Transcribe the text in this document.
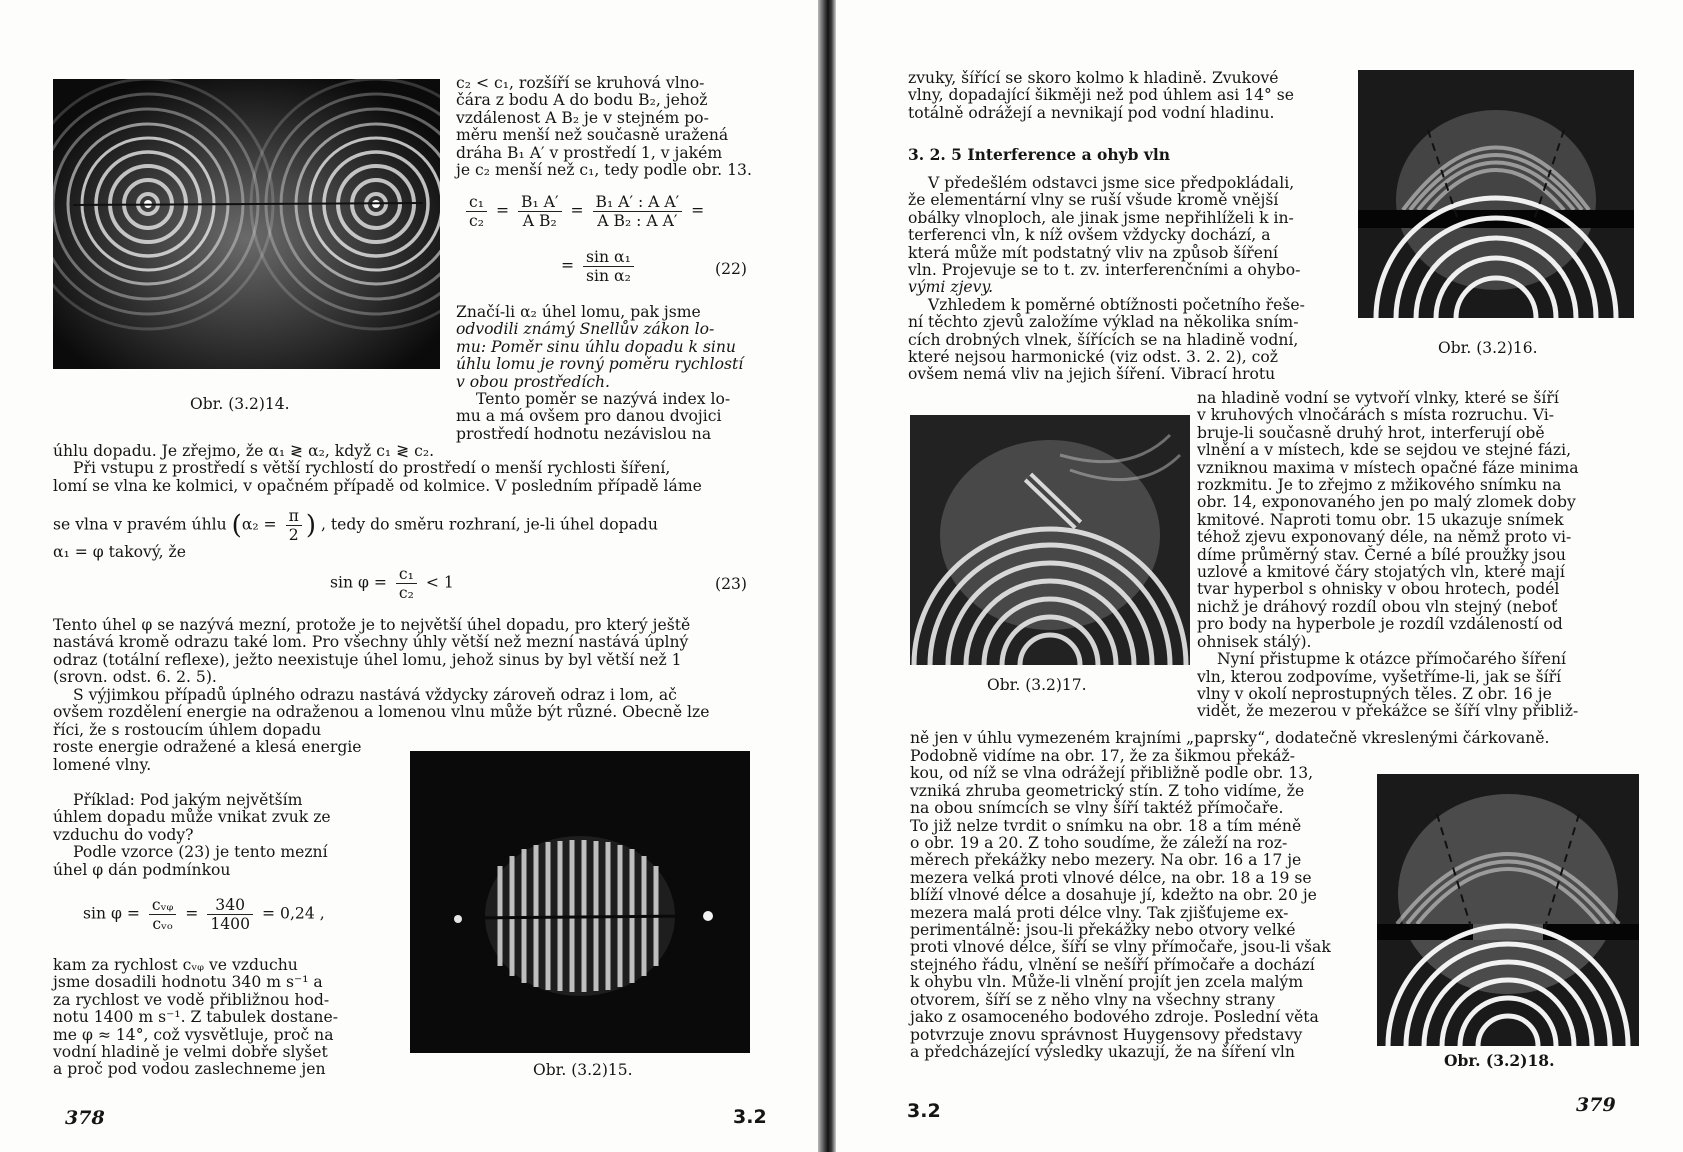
Obr. (3.2)14.
c₂ < c₁, rozšíří se kruhová vlno-
čára z bodu A do bodu B₂, jehož
vzdálenost A B₂ je v stejném po-
měru menší než současně uražená
dráha B₁ A′ v prostředí 1, v jakém
je c₂ menší než c₁, tedy podle obr. 13.
$\frac{\text{c₁}}{\text{c₂}} = \frac{\text{B₁ A′}}{\text{A B₂}} = \frac{\text{B₁ A′ : A A′}}{\text{A B₂ : A A′}}$ =
= $\frac{\text{sin α₁}}{\text{sin α₂}}$	(22)
Značí-li α₂ úhel lomu, pak jsme
odvodili známý Snellův zákon lo-
mu: Poměr sinu úhlu dopadu k sinu
úhlu lomu je rovný poměru rychlostí
v obou prostředích.
Tento poměr se nazývá index lo-
mu a má ovšem pro danou dvojici
prostředí hodnotu nezávislou na
úhlu dopadu. Je zřejmo, že α₁ ≷ α₂, když c₁ ≷ c₂.
Při vstupu z prostředí s větší rychlostí do prostředí o menší rychlosti šíření,
lomí se vlna ke kolmici, v opačném případě od kolmice. V posledním případě láme
se vlna v pravém úhlu ($\alpha_2 = \frac{\pi}{2}$ ) , tedy do směru rozhraní, je-li úhel dopadu
α₁ = φ takový, že
$\sin \varphi = \frac{\text{c₁}}{\text{c₂}} < 1$	(23)
Tento úhel φ se nazývá mezní, protože je to největší úhel dopadu, pro který ještě
nastává kromě odrazu také lom. Pro všechny úhly větší než mezní nastává úplný
odraz (totální reflexe), ježto neexistuje úhel lomu, jehož sinus by byl větší než 1
(srovn. odst. 6. 2. 5).
S výjimkou případů úplného odrazu nastává vždycky zároveň odraz i lom, ač
ovšem rozdělení energie na odraženou a lomenou vlnu může být různé. Obecně lze
říci, že s rostoucím úhlem dopadu
roste energie odražené a klesá energie
lomené vlny.
Příklad: Pod jakým největším
úhlem dopadu může vnikat zvuk ze
vzduchu do vody?
Podle vzorce (23) je tento mezní
úhel φ dán podmínkou
$\sin \varphi = \frac{\text{cᵥᵩ}}{\text{cᵥₒ}} = \frac{340}{1400} = 0,24$ ,
kam za rychlost cᵥᵩ ve vzduchu
jsme dosadili hodnotu 340 m s⁻¹ a
za rychlost ve vodě přibližnou hod-
notu 1400 m s⁻¹. Z tabulek dostane-
me φ ≈ 14°, což vysvětluje, proč na
vodní hladině je velmi dobře slyšet
a proč pod vodou zaslechneme jen	Obr. (3.2)15.
378	3.2
zvuky, šířící se skoro kolmo k hladině. Zvukové
vlny, dopadající šikměji než pod úhlem asi 14° se
totálně odrážejí a nevnikají pod vodní hladinu.
3. 2. 5 Interference a ohyb vln
V předešlém odstavci jsme sice předpokládali,
že elementární vlny se ruší všude kromě vnější
obálky vlnoploch, ale jinak jsme nepřihlíželi k in-
terferenci vln, k níž ovšem vždycky dochází, a
která může mít podstatný vliv na způsob šíření
vln. Projevuje se to t. zv. interferenčními a ohybo-
vými zjevy.
Vzhledem k poměrné obtížnosti početního řeše-
ní těchto zjevů založíme výklad na několika sním-
cích drobných vlnek, šířících se na hladině vodní,
které nejsou harmonické (viz odst. 3. 2. 2), což
ovšem nemá vliv na jejich šíření. Vibrací hrotu
Obr. (3.2)16.
Obr. (3.2)17.
na hladině vodní se vytvoří vlnky, které se šíří
v kruhových vlnočárách s místa rozruchu. Vi-
bruje-li současně druhý hrot, interferují obě
vlnění a v místech, kde se sejdou ve stejné fázi,
vzniknou maxima v místech opačné fáze minima
rozkmitu. Je to zřejmo z mžikového snímku na
obr. 14, exponovaného jen po malý zlomek doby
kmitové. Naproti tomu obr. 15 ukazuje snímek
téhož zjevu exponovaný déle, na němž proto vi-
díme průměrný stav. Černé a bílé proužky jsou
uzlové a kmitové čáry stojatých vln, které mají
tvar hyperbol s ohnisky v obou hrotech, podél
nichž je dráhový rozdíl obou vln stejný (neboť
pro body na hyperbole je rozdíl vzdáleností od
ohnisek stálý).
Nyní přistupme k otázce přímočarého šíření
vln, kterou zodpovíme, vyšetříme-li, jak se šíří
vlny v okolí neprostupných těles. Z obr. 16 je
vidět, že mezerou v překážce se šíří vlny přibliž-
ně jen v úhlu vymezeném krajními „paprsky“, dodatečně vkreslenými čárkovaně.
Podobně vidíme na obr. 17, že za šikmou překáž-
kou, od níž se vlna odrážejí přibližně podle obr. 13,
vzniká zhruba geometrický stín. Z toho vidíme, že
na obou snímcích se vlny šíří taktéž přímočaře.
To již nelze tvrdit o snímku na obr. 18 a tím méně
o obr. 19 a 20. Z toho soudíme, že záleží na roz-
měrech překážky nebo mezery. Na obr. 16 a 17 je
mezera velká proti vlnové délce, na obr. 18 a 19 se
blíží vlnové délce a dosahuje jí, kdežto na obr. 20 je
mezera malá proti délce vlny. Tak zjišťujeme ex-
perimentálně: jsou-li překážky nebo otvory velké
proti vlnové délce, šíří se vlny přímočaře, jsou-li však
stejného řádu, vlnění se nešíří přímočaře a dochází
k ohybu vln. Může-li vlnění projít jen zcela malým
otvorem, šíří se z něho vlny na všechny strany
jako z osamoceného bodového zdroje. Poslední věta
potvrzuje znovu správnost Huygensovy představy
a předcházející výsledky ukazují, že na šíření vln	Obr. (3.2)18.
3.2	379
